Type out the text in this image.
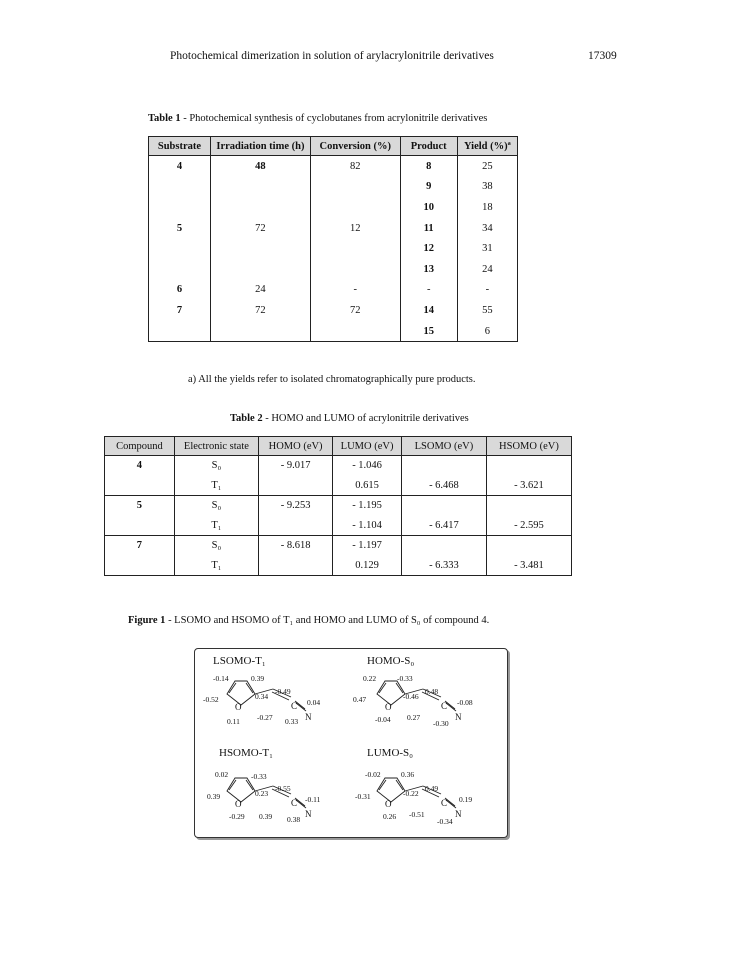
Photochemical dimerization in solution of arylacrylonitrile derivatives	17309
Table 1 - Photochemical synthesis of cyclobutanes from acrylonitrile derivatives
Substrate	Irradiation time (h)	Conversion (%)	Product	Yield (%)ª
4	48	82	8	25
			9	38
			10	18
5	72	12	11	34
			12	31
			13	24
6	24	-	-	-
7	72	72	14	55
			15	6
a) All the yields refer to isolated chromatographically pure products.
Table 2 - HOMO and LUMO of acrylonitrile derivatives
Compound	Electronic state	HOMO (eV)	LUMO (eV)	LSOMO (eV)	HSOMO (eV)
4	S₀	- 9.017	- 1.046		
	T₁		0.615	- 6.468	- 3.621
5	S₀	- 9.253	- 1.195		
	T₁		- 1.104	- 6.417	- 2.595
7	S₀	- 8.618	- 1.197		
	T₁		0.129	- 6.333	- 3.481
Figure 1 - LSOMO and HSOMO of T₁ and HOMO and LUMO of S₀ of compound 4.
LSOMO-T₁
-0.14	0.39
-0.52
O
0.11 -0.27
0.34
-0.49
0.04
C
0.33 N
HOMO-S₀
0.22	-0.33
0.47
O
-0.04 0.27
-0.46
0.48
-0.08
C
-0.30
N
HSOMO-T₁
0.02	-0.33
0.39
O
-0.29 0.39
0.23
-0.55
-0.11
C
0.38
N
LUMO-S₀
-0.02	0.36
-0.31
O
0.26 -0.51
-0.22
0.49
0.19
C
-0.34
N
